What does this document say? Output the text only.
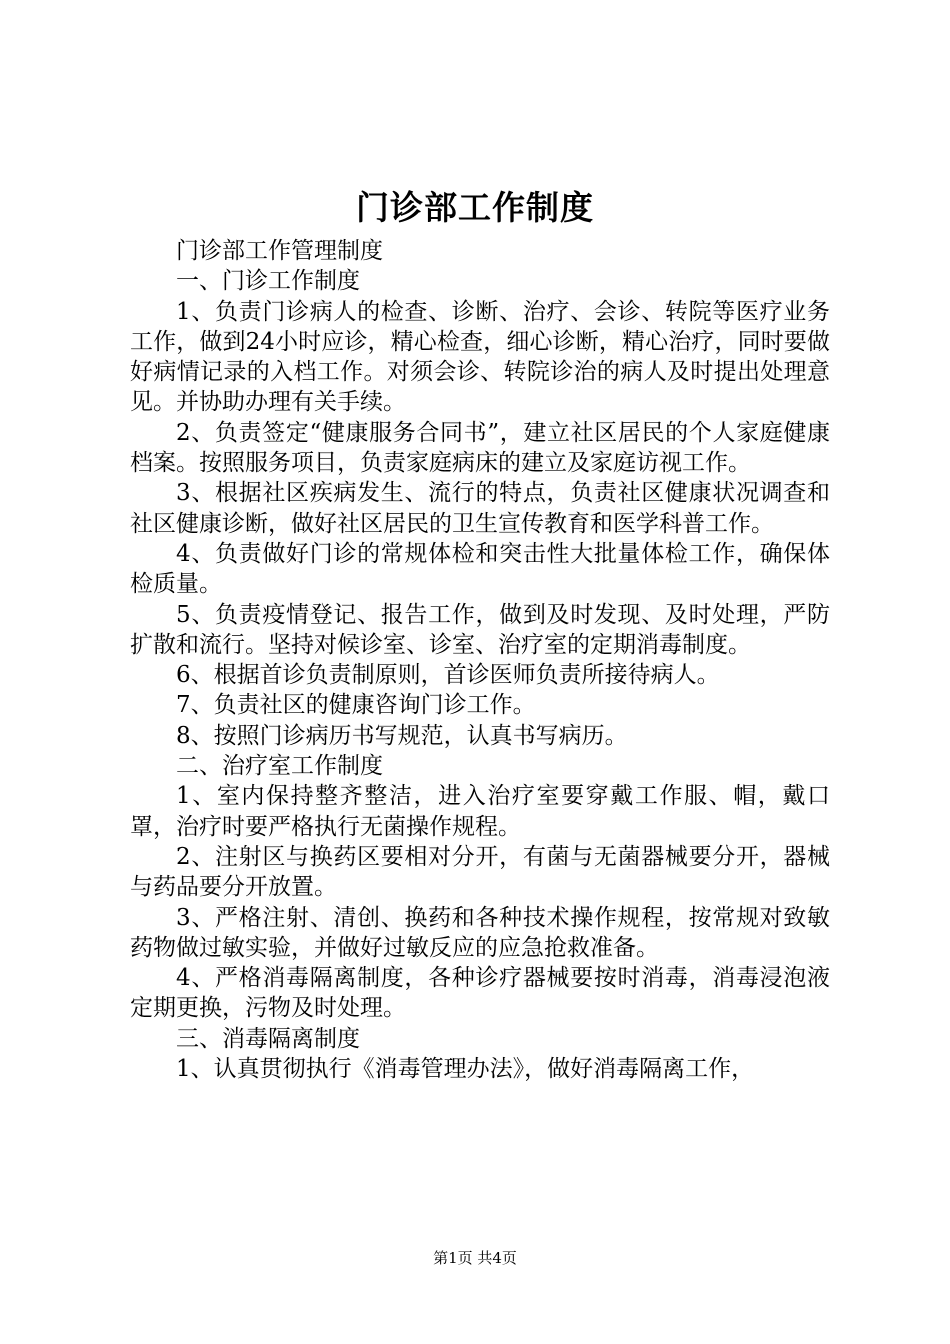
门诊部工作制度

门诊部工作管理制度

一、门诊工作制度

1、负责门诊病人的检查、诊断、治疗、会诊、转院等医疗业务工作，做到24小时应诊，精心检查，细心诊断，精心治疗，同时要做好病情记录的入档工作。对须会诊、转院诊治的病人及时提出处理意见。并协助办理有关手续。

2、负责签定“健康服务合同书”，建立社区居民的个人家庭健康档案。按照服务项目，负责家庭病床的建立及家庭访视工作。

3、根据社区疾病发生、流行的特点，负责社区健康状况调查和社区健康诊断，做好社区居民的卫生宣传教育和医学科普工作。

4、负责做好门诊的常规体检和突击性大批量体检工作，确保体检质量。

5、负责疫情登记、报告工作，做到及时发现、及时处理，严防扩散和流行。坚持对候诊室、诊室、治疗室的定期消毒制度。

6、根据首诊负责制原则，首诊医师负责所接待病人。

7、负责社区的健康咨询门诊工作。

8、按照门诊病历书写规范，认真书写病历。

二、治疗室工作制度

1、室内保持整齐整洁，进入治疗室要穿戴工作服、帽，戴口罩，治疗时要严格执行无菌操作规程。

2、注射区与换药区要相对分开，有菌与无菌器械要分开，器械与药品要分开放置。

3、严格注射、清创、换药和各种技术操作规程，按常规对致敏药物做过敏实验，并做好过敏反应的应急抢救准备。

4、严格消毒隔离制度，各种诊疗器械要按时消毒，消毒浸泡液定期更换，污物及时处理。

三、消毒隔离制度

1、认真贯彻执行《消毒管理办法》，做好消毒隔离工作，

第1页 共4页
